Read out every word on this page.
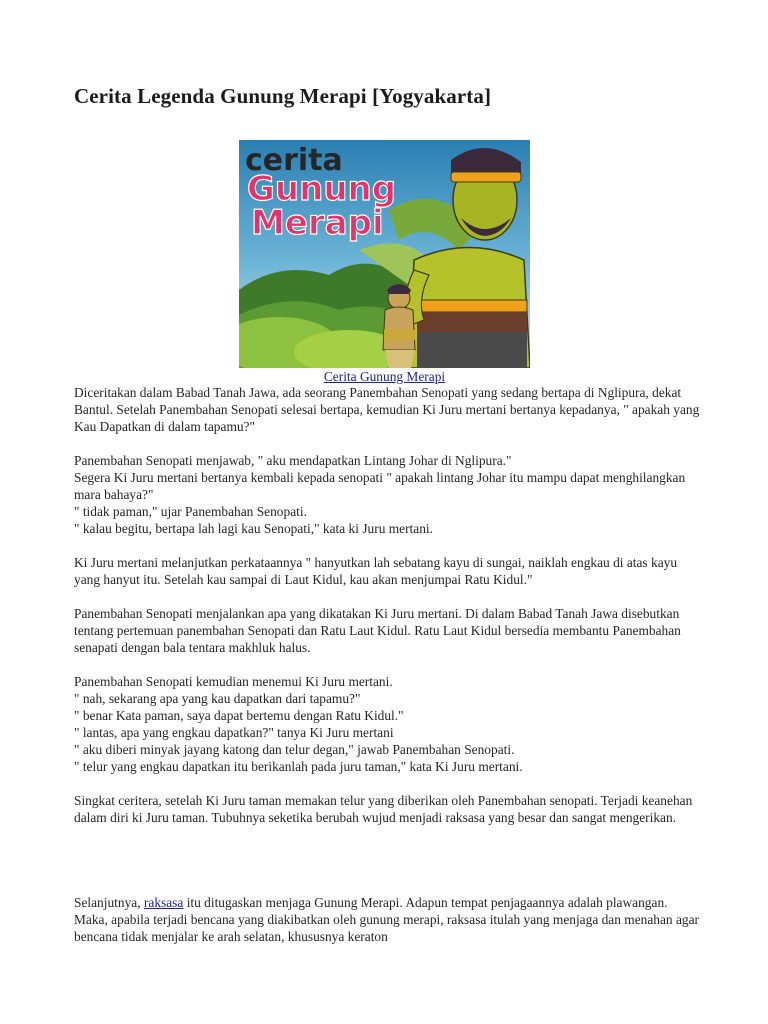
Cerita Legenda Gunung Merapi [Yogyakarta]
cerita
Gunung
Merapi
Cerita Gunung Merapi

Diceritakan dalam Babad Tanah Jawa, ada seorang Panembahan Senopati yang sedang bertapa di Nglipura, dekat Bantul. Setelah Panembahan Senopati selesai bertapa, kemudian Ki Juru mertani bertanya kepadanya, " apakah yang Kau Dapatkan di dalam tapamu?"

Panembahan Senopati menjawab, " aku mendapatkan Lintang Johar di Nglipura."

Segera Ki Juru mertani bertanya kembali kepada senopati " apakah lintang Johar itu mampu dapat menghilangkan mara bahaya?"

" tidak paman," ujar Panembahan Senopati.

" kalau begitu, bertapa lah lagi kau Senopati," kata ki Juru mertani.

Ki Juru mertani melanjutkan perkataannya " hanyutkan lah sebatang kayu di sungai, naiklah engkau di atas kayu yang hanyut itu. Setelah kau sampai di Laut Kidul, kau akan menjumpai Ratu Kidul."

Panembahan Senopati menjalankan apa yang dikatakan Ki Juru mertani. Di dalam Babad Tanah Jawa disebutkan tentang pertemuan panembahan Senopati dan Ratu Laut Kidul. Ratu Laut Kidul bersedia membantu Panembahan senapati dengan bala tentara makhluk halus.

Panembahan Senopati kemudian menemui Ki Juru mertani.

" nah, sekarang apa yang kau dapatkan dari tapamu?"

" benar Kata paman, saya dapat bertemu dengan Ratu Kidul."

" lantas, apa yang engkau dapatkan?" tanya Ki Juru mertani

" aku diberi minyak jayang katong dan telur degan," jawab Panembahan Senopati.

" telur yang engkau dapatkan itu berikanlah pada juru taman," kata Ki Juru mertani.

Singkat ceritera, setelah Ki Juru taman memakan telur yang diberikan oleh Panembahan senopati. Terjadi keanehan dalam diri ki Juru taman. Tubuhnya seketika berubah wujud menjadi raksasa yang besar dan sangat mengerikan.

Selanjutnya, raksasa itu ditugaskan menjaga Gunung Merapi. Adapun tempat penjagaannya adalah plawangan. Maka, apabila terjadi bencana yang diakibatkan oleh gunung merapi, raksasa itulah yang menjaga dan menahan agar bencana tidak menjalar ke arah selatan, khususnya keraton
